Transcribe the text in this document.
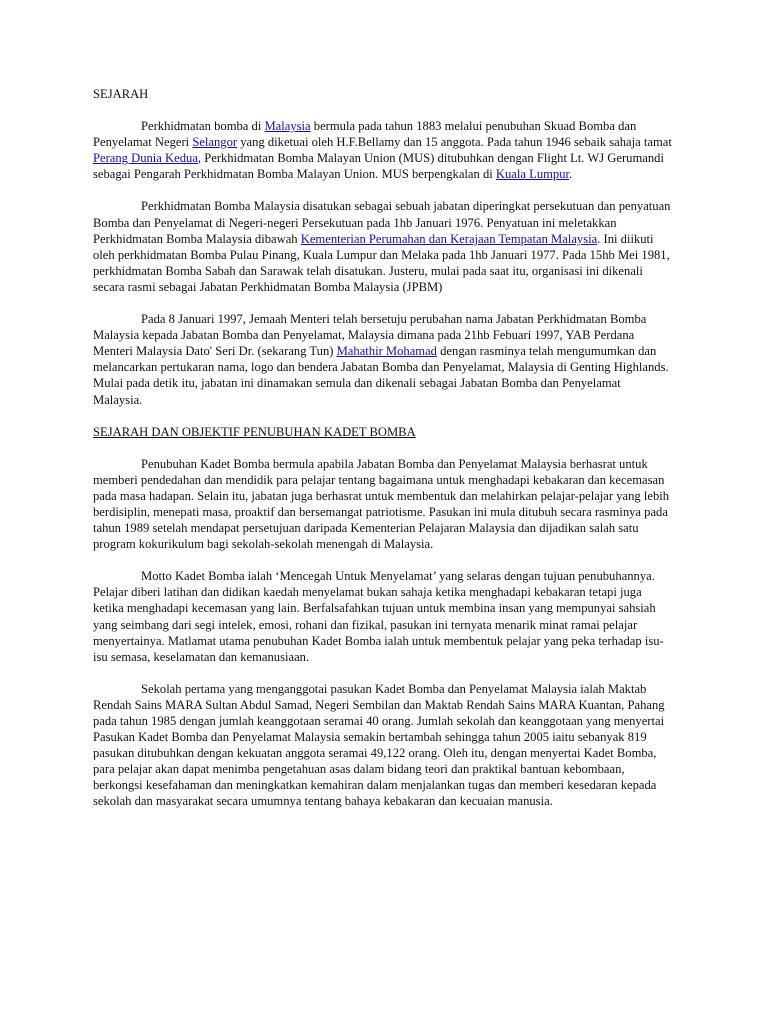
SEJARAH

Perkhidmatan bomba di Malaysia bermula pada tahun 1883 melalui penubuhan Skuad Bomba dan Penyelamat Negeri Selangor yang diketuai oleh H.F.Bellamy dan 15 anggota. Pada tahun 1946 sebaik sahaja tamat Perang Dunia Kedua, Perkhidmatan Bomba Malayan Union (MUS) ditubuhkan dengan Flight Lt. WJ Gerumandi sebagai Pengarah Perkhidmatan Bomba Malayan Union. MUS berpengkalan di Kuala Lumpur.

Perkhidmatan Bomba Malaysia disatukan sebagai sebuah jabatan diperingkat persekutuan dan penyatuan Bomba dan Penyelamat di Negeri-negeri Persekutuan pada 1hb Januari 1976. Penyatuan ini meletakkan Perkhidmatan Bomba Malaysia dibawah Kementerian Perumahan dan Kerajaan Tempatan Malaysia. Ini diikuti oleh perkhidmatan Bomba Pulau Pinang, Kuala Lumpur dan Melaka pada 1hb Januari 1977. Pada 15hb Mei 1981, perkhidmatan Bomba Sabah dan Sarawak telah disatukan. Justeru, mulai pada saat itu, organisasi ini dikenali secara rasmi sebagai Jabatan Perkhidmatan Bomba Malaysia (JPBM)

Pada 8 Januari 1997, Jemaah Menteri telah bersetuju perubahan nama Jabatan Perkhidmatan Bomba Malaysia kepada Jabatan Bomba dan Penyelamat, Malaysia dimana pada 21hb Febuari 1997, YAB Perdana Menteri Malaysia Dato' Seri Dr. (sekarang Tun) Mahathir Mohamad dengan rasminya telah mengumumkan dan melancarkan pertukaran nama, logo dan bendera Jabatan Bomba dan Penyelamat, Malaysia di Genting Highlands. Mulai pada detik itu, jabatan ini dinamakan semula dan dikenali sebagai Jabatan Bomba dan Penyelamat Malaysia.

SEJARAH DAN OBJEKTIF PENUBUHAN KADET BOMBA

Penubuhan Kadet Bomba bermula apabila Jabatan Bomba dan Penyelamat Malaysia berhasrat untuk memberi pendedahan dan mendidik para pelajar tentang bagaimana untuk menghadapi kebakaran dan kecemasan pada masa hadapan. Selain itu, jabatan juga berhasrat untuk membentuk dan melahirkan pelajar-pelajar yang lebih berdisiplin, menepati masa, proaktif dan bersemangat patriotisme. Pasukan ini mula ditubuh secara rasminya pada tahun 1989 setelah mendapat persetujuan daripada Kementerian Pelajaran Malaysia dan dijadikan salah satu program kokurikulum bagi sekolah-sekolah menengah di Malaysia.

Motto Kadet Bomba ialah ‘Mencegah Untuk Menyelamat’ yang selaras dengan tujuan penubuhannya. Pelajar diberi latihan dan didikan kaedah menyelamat bukan sahaja ketika menghadapi kebakaran tetapi juga ketika menghadapi kecemasan yang lain. Berfalsafahkan tujuan untuk membina insan yang mempunyai sahsiah yang seimbang dari segi intelek, emosi, rohani dan fizikal, pasukan ini ternyata menarik minat ramai pelajar menyertainya. Matlamat utama penubuhan Kadet Bomba ialah untuk membentuk pelajar yang peka terhadap isu-isu semasa, keselamatan dan kemanusiaan.

Sekolah pertama yang menganggotai pasukan Kadet Bomba dan Penyelamat Malaysia ialah Maktab Rendah Sains MARA Sultan Abdul Samad, Negeri Sembilan dan Maktab Rendah Sains MARA Kuantan, Pahang pada tahun 1985 dengan jumlah keanggotaan seramai 40 orang. Jumlah sekolah dan keanggotaan yang menyertai Pasukan Kadet Bomba dan Penyelamat Malaysia semakin bertambah sehingga tahun 2005 iaitu sebanyak 819 pasukan ditubuhkan dengan kekuatan anggota seramai 49,122 orang. Oleh itu, dengan menyertai Kadet Bomba, para pelajar akan dapat menimba pengetahuan asas dalam bidang teori dan praktikal bantuan kebombaan, berkongsi kesefahaman dan meningkatkan kemahiran dalam menjalankan tugas dan memberi kesedaran kepada sekolah dan masyarakat secara umumnya tentang bahaya kebakaran dan kecuaian manusia.
